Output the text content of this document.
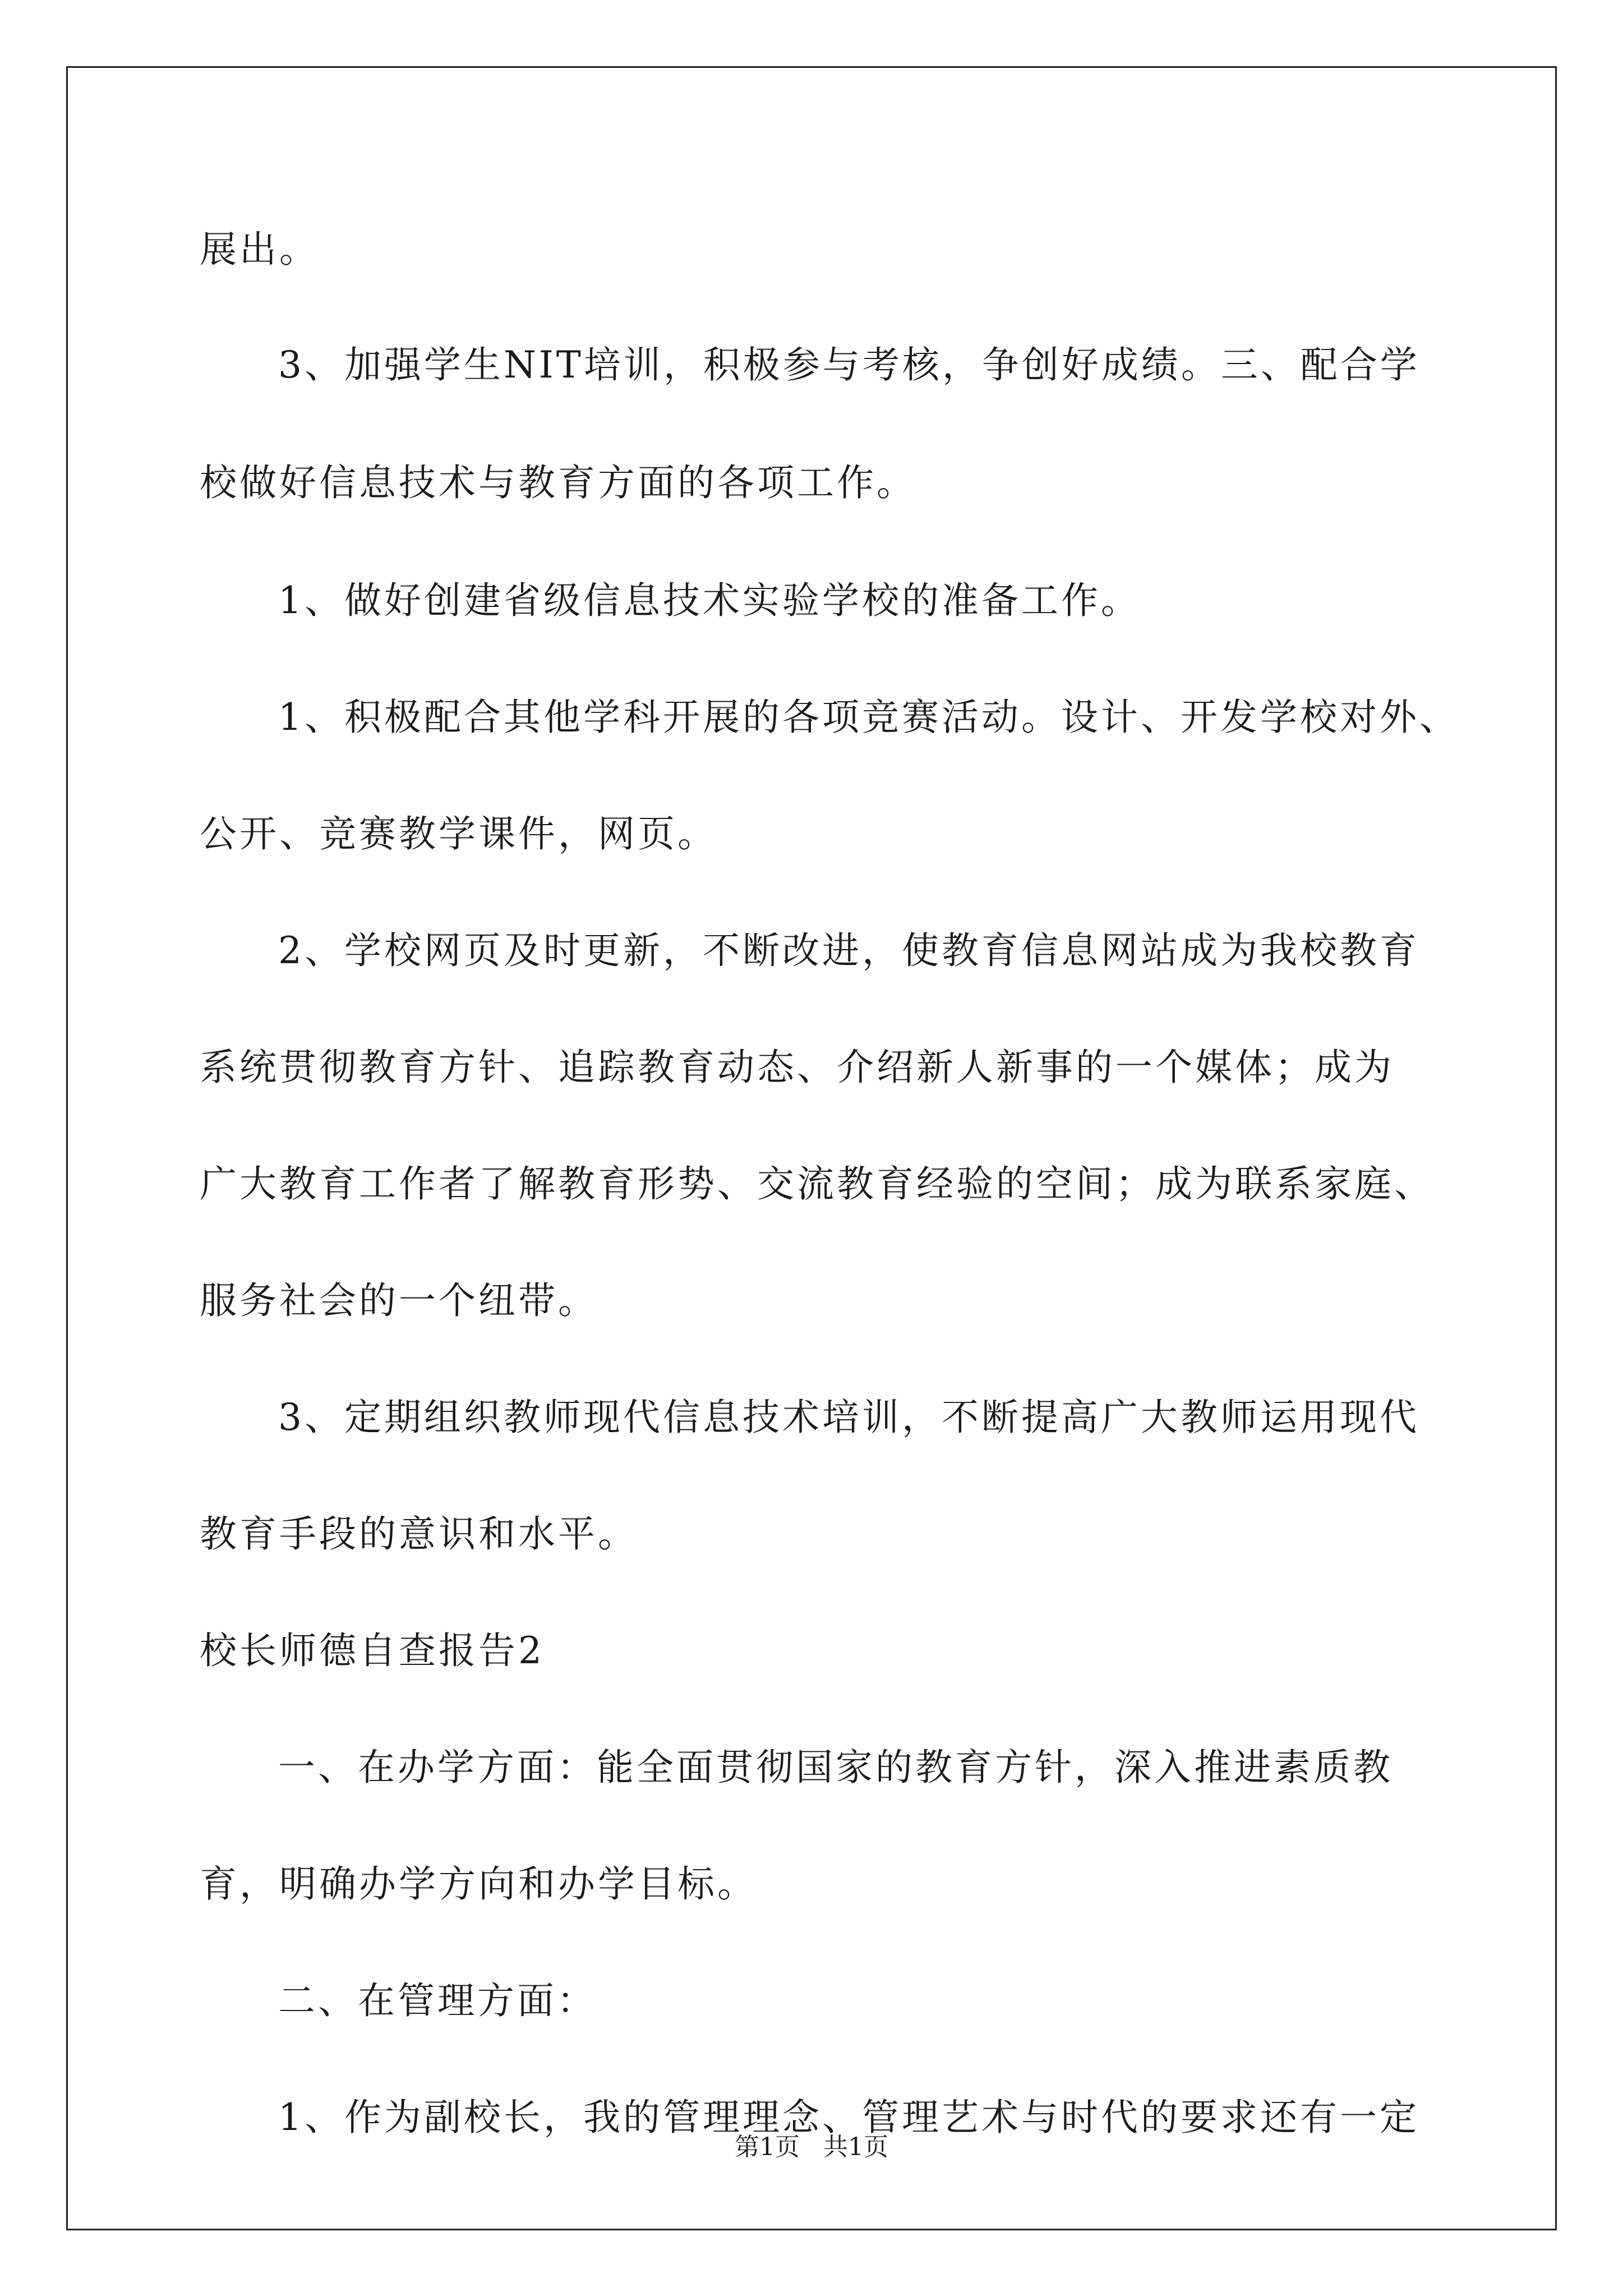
展出。
3、加强学生NIT培训，积极参与考核，争创好成绩。三、配合学
校做好信息技术与教育方面的各项工作。
1、做好创建省级信息技术实验学校的准备工作。
1、积极配合其他学科开展的各项竞赛活动。设计、开发学校对外、
公开、竞赛教学课件，网页。
2、学校网页及时更新，不断改进，使教育信息网站成为我校教育
系统贯彻教育方针、追踪教育动态、介绍新人新事的一个媒体；成为
广大教育工作者了解教育形势、交流教育经验的空间；成为联系家庭、
服务社会的一个纽带。
3、定期组织教师现代信息技术培训，不断提高广大教师运用现代
教育手段的意识和水平。
校长师德自查报告2
一、在办学方面：能全面贯彻国家的教育方针，深入推进素质教
育，明确办学方向和办学目标。
二、在管理方面：
1、作为副校长，我的管理理念、管理艺术与时代的要求还有一定
第1页   共1页
